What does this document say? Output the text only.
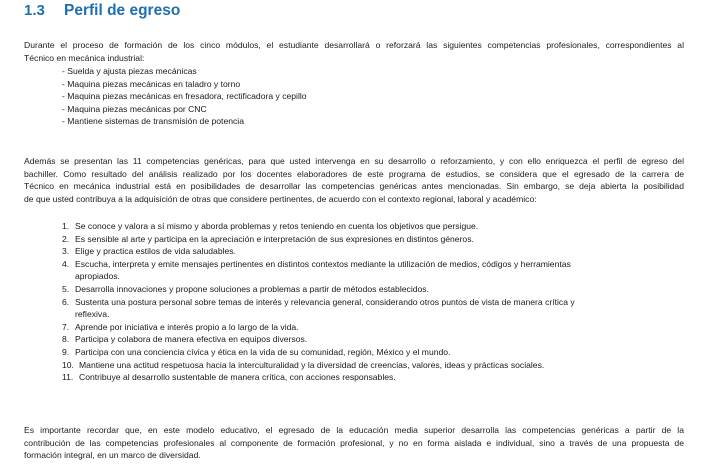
1.3	Perfil de egreso
Durante el proceso de formación de los cinco módulos, el estudiante desarrollará o reforzará las siguientes competencias profesionales, correspondientes al
Técnico en mecánica industrial:
- Suelda y ajusta piezas mecánicas
- Maquina piezas mecánicas en taladro y torno
- Maquina piezas mecánicas en fresadora, rectificadora y cepillo
- Maquina piezas mecánicas por CNC
- Mantiene sistemas de transmisión de potencia
Además se presentan las 11 competencias genéricas, para que usted intervenga en su desarrollo o reforzamiento, y con ello enriquezca el perfil de egreso del
bachiller. Como resultado del análisis realizado por los docentes elaboradores de este programa de estudios, se considera que el egresado de la carrera de
Técnico en mecánica industrial está en posibilidades de desarrollar las competencias genéricas antes mencionadas. Sin embargo, se deja abierta la posibilidad
de que usted contribuya a la adquisición de otras que considere pertinentes, de acuerdo con el contexto regional, laboral y académico:
1. Se conoce y valora a sí mismo y aborda problemas y retos teniendo en cuenta los objetivos que persigue.
2. Es sensible al arte y participa en la apreciación e interpretación de sus expresiones en distintos géneros.
3. Elige y practica estilos de vida saludables.
4. Escucha, interpreta y emite mensajes pertinentes en distintos contextos mediante la utilización de medios, códigos y herramientas
apropiados.
5. Desarrolla innovaciones y propone soluciones a problemas a partir de métodos establecidos.
6. Sustenta una postura personal sobre temas de interés y relevancia general, considerando otros puntos de vista de manera crítica y
reflexiva.
7. Aprende por iniciativa e interés propio a lo largo de la vida.
8. Participa y colabora de manera efectiva en equipos diversos.
9. Participa con una conciencia cívica y ética en la vida de su comunidad, región, México y el mundo.
10. Mantiene una actitud respetuosa hacia la interculturalidad y la diversidad de creencias, valores, ideas y prácticas sociales.
11. Contribuye al desarrollo sustentable de manera crítica, con acciones responsables.
Es importante recordar que, en este modelo educativo, el egresado de la educación media superior desarrolla las competencias genéricas a partir de la
contribución de las competencias profesionales al componente de formación profesional, y no en forma aislada e individual, sino a través de una propuesta de
formación integral, en un marco de diversidad.
